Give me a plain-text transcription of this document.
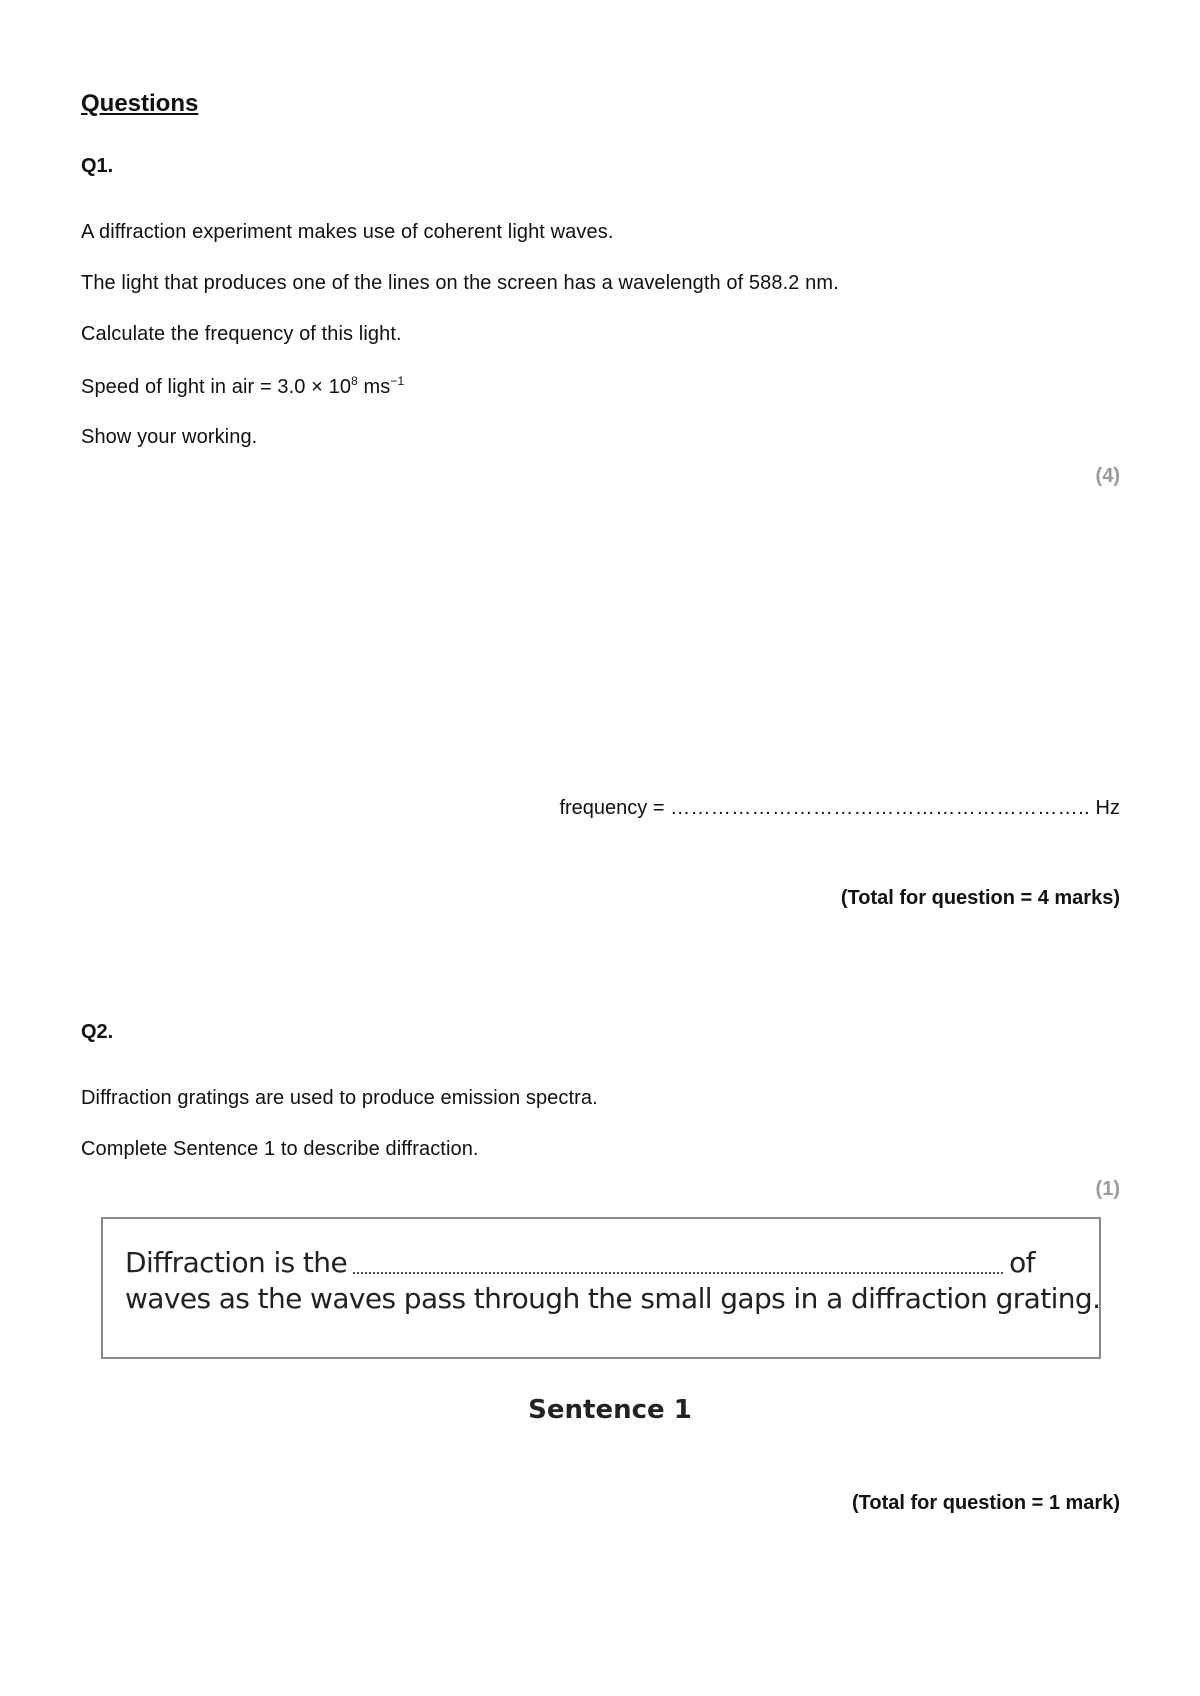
Questions
Q1.
A diffraction experiment makes use of coherent light waves.
The light that produces one of the lines on the screen has a wavelength of 588.2 nm.
Calculate the frequency of this light.
Speed of light in air = $3.0 \times 10^8$ $ms^{-1}$
Show your working.
(4)
frequency = …………………………………………………….. Hz
(Total for question = 4 marks)
Q2.
Diffraction gratings are used to produce emission spectra.
Complete Sentence 1 to describe diffraction.
(1)
Diffraction is the	of
waves as the waves pass through the small gaps in a diffraction grating.
Sentence 1
(Total for question = 1 mark)
